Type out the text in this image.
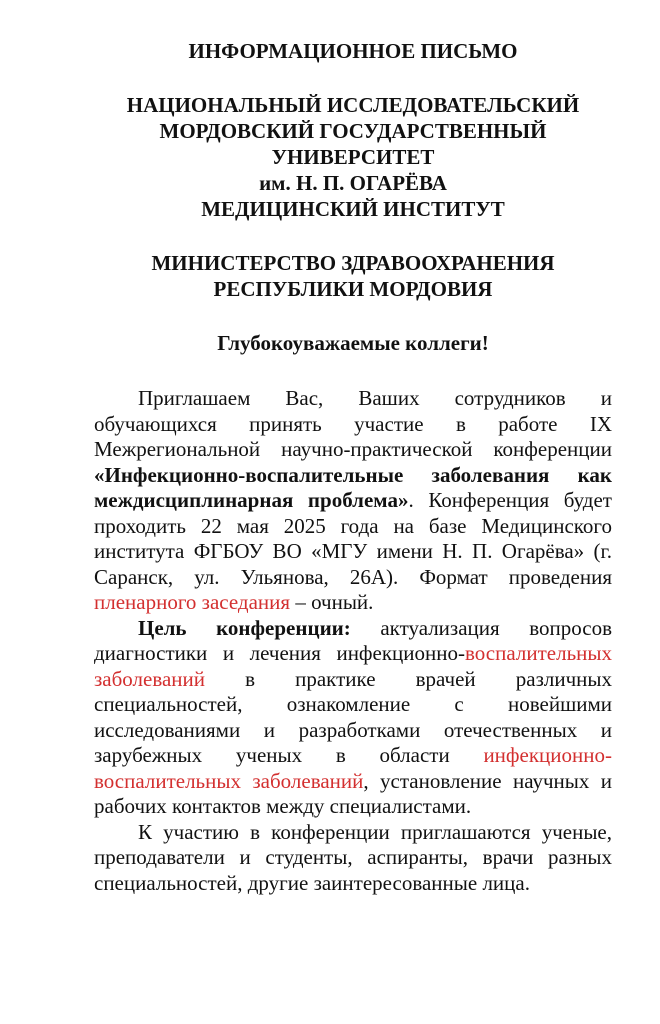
ИНФОРМАЦИОННОЕ ПИСЬМО

НАЦИОНАЛЬНЫЙ ИССЛЕДОВАТЕЛЬСКИЙ
МОРДОВСКИЙ ГОСУДАРСТВЕННЫЙ
УНИВЕРСИТЕТ
им. Н. П. ОГАРЁВА
МЕДИЦИНСКИЙ ИНСТИТУТ

МИНИСТЕРСТВО ЗДРАВООХРАНЕНИЯ
РЕСПУБЛИКИ МОРДОВИЯ

Глубокоуважаемые коллеги!

Приглашаем Вас, Ваших сотрудников и обучающихся принять участие в работе IX Межрегиональной научно-практической конференции «Инфекционно-воспалительные заболевания как междисциплинарная проблема». Конференция будет проходить 22 мая 2025 года на базе Медицинского института ФГБОУ ВО «МГУ имени Н. П. Огарёва» (г. Саранск, ул. Ульянова, 26А). Формат проведения пленарного заседания – очный.

Цель конференции: актуализация вопросов диагностики и лечения инфекционно-воспалительных заболеваний в практике врачей различных специальностей, ознакомление с новейшими исследованиями и разработками отечественных и зарубежных ученых в области инфекционно-воспалительных заболеваний, установление научных и рабочих контактов между специалистами.

К участию в конференции приглашаются ученые, преподаватели и студенты, аспиранты, врачи разных специальностей, другие заинтересованные лица.
